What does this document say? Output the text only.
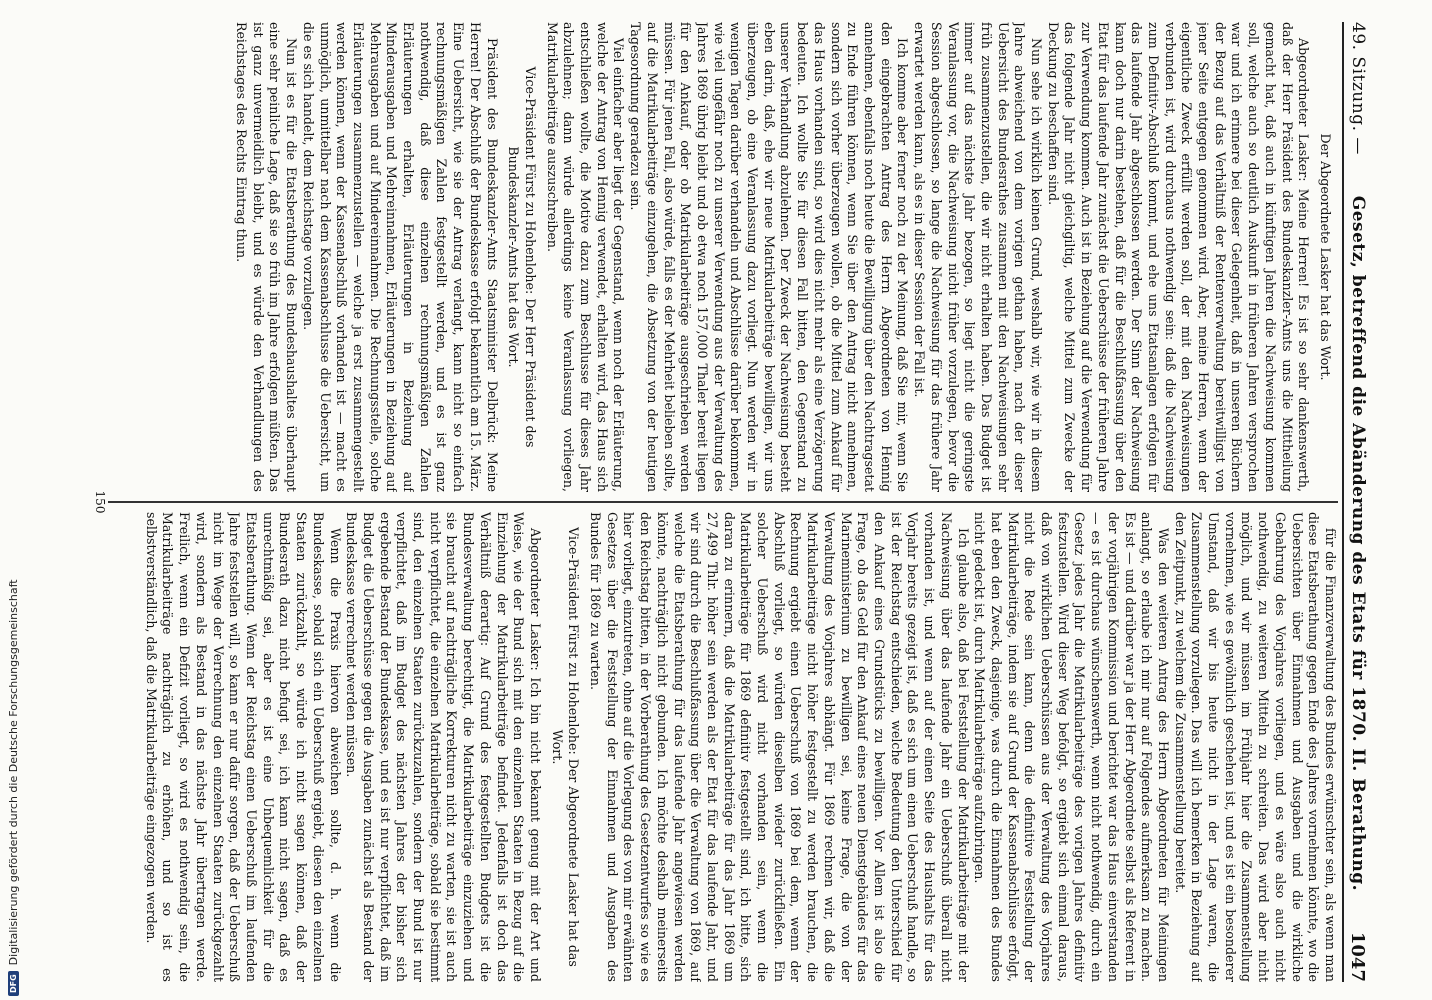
49. Sitzung. —
Gesetz, betreffend die Abänderung des Etats für 1870. II. Berathung.
1047

Der Abgeordnete Lasker hat das Wort.

Abgeordneter Lasker: Meine Herren! Es ist so sehr dankenswerth, daß der Herr Präsident des Bundeskanzler-Amts uns die Mittheilung gemacht hat, daß auch in künftigen Jahren die Nachweisung kommen soll, welche auch so deutlich Auskunft in früheren Jahren versprochen war und ich erinnere bei dieser Gelegenheit, daß in unseren Büchern der Bezug auf das Verhältniß der Rentenverwaltung bereitwilligst von jener Seite entgegen genommen wird. Aber, meine Herren, wenn der eigentliche Zweck erfüllt werden soll, der mit den Nachweisungen verbunden ist, wird durchaus nothwendig sein: daß die Nachweisung zum Definitiv-Abschluß kommt, und ehe uns Etatsanlagen erfolgen für das laufende Jahr abgeschlossen werden. Der Sinn der Nachweisung kann doch nur darin bestehen, daß für die Beschlußfassung über den Etat für das laufende Jahr zunächst die Ueberschüsse der früheren Jahre zur Verwendung kommen. Auch ist in Beziehung auf die Verwendung für das folgende Jahr nicht gleichgiltig, welche Mittel zum Zwecke der Deckung zu beschaffen sind.

Nun sehe ich wirklich keinen Grund, weshalb wir, wie wir in diesem Jahre abweichend von dem vorigen gethan haben, nach der dieser Uebersicht des Bundesrathes zusammen mit den Nachweisungen sehr früh zusammenzustellen, die wir nicht erhalten haben. Das Budget ist immer auf das nächste Jahr bezogen, so liegt nicht die geringste Veranlassung vor, die Nachweisung nicht früher vorzulegen, bevor die Session abgeschlossen, so lange die Nachweisung für das frühere Jahr erwartet werden kann, als es in dieser Session der Fall ist.

Ich komme aber ferner noch zu der Meinung, daß Sie mir, wenn Sie den eingebrachten Antrag des Herrn Abgeordneten von Hennig annehmen, ebenfalls noch heute die Bewilligung über den Nachtragsetat zu Ende führen können, wenn Sie über den Antrag nicht annehmen, sondern sich vorher überzeugen wollen, ob die Mittel zum Ankauf für das Haus vorhanden sind, so wird dies nicht mehr als eine Verzögerung bedeuten. Ich wollte Sie für diesen Fall bitten, den Gegenstand zu unserer Verhandlung abzulehnen. Der Zweck der Nachweisung besteht eben darin, daß, ehe wir neue Matrikularbeiträge bewilligen, wir uns überzeugen, ob eine Veranlassung dazu vorliegt. Nun werden wir in wenigen Tagen darüber verhandeln und Abschlüsse darüber bekommen, wie viel ungefähr noch zu unserer Verwendung aus der Verwaltung des Jahres 1869 übrig bleibt und ob etwa noch 157,000 Thaler bereit liegen für den Ankauf, oder ob Matrikularbeiträge ausgeschrieben werden müssen. Für jenen Fall, also würde, falls es der Mehrheit belieben sollte, auf die Matrikularbeiträge einzugehen, die Absetzung von der heutigen Tagesordnung geradezu sein.

Viel einfacher aber liegt der Gegenstand, wenn noch der Erläuterung, welche der Antrag von Hennig verwendet, erhalten wird, das Haus sich entschließen wollte, die Motive dazu zum Beschlusse für dieses Jahr abzulehnen; dann würde allerdings keine Veranlassung vorliegen, Matrikularbeiträge auszuschreiben.

Vice-Präsident Fürst zu Hohenlohe: Der Herr Präsident des Bundeskanzler-Amts hat das Wort.

Präsident des Bundeskanzler-Amts Staatsminister Delbrück: Meine Herren! Der Abschluß der Bundeskasse erfolgt bekanntlich am 15. März. Eine Uebersicht, wie sie der Antrag verlangt, kann nicht so einfach rechnungsmäßigen Zahlen festgestellt werden, und es ist ganz nothwendig, daß diese einzelnen rechnungsmäßigen Zahlen Erläuterungen erhalten, Erläuterungen in Beziehung auf Minderausgaben und Mehreinnahmen, Erläuterungen in Beziehung auf Mehrausgaben und auf Mindereinnahmen. Die Rechnungsstelle, solche Erläuterungen zusammenzustellen — welche ja erst zusammengestellt werden können, wenn der Kassenabschluß vorhanden ist — macht es unmöglich, unmittelbar nach dem Kassenabschlusse die Uebersicht, um die es sich handelt, dem Reichstage vorzulegen.

Nun ist es für die Etatsberathung des Bundeshaushaltes überhaupt eine sehr peinliche Lage, daß sie so früh im Jahre erfolgen müßten. Das ist ganz unvermeidlich bleibt, und es würde den Verhandlungen des Reichstages des Rechts Eintrag thun.

für die Finanzverwaltung des Bundes erwünschter sein, als wenn man diese Etatsberathung gegen Ende des Jahres vornehmen könnte, wo die Uebersichten über Einnahmen und Ausgaben und die wirkliche Gebahrung des Vorjahres vorliegen, und es wäre also auch nicht nothwendig, zu weiteren Mitteln zu schreiten. Das wird aber nicht möglich, und wir müssen im Frühjahr hier die Zusammenstellung vornehmen, wie es gewöhnlich geschehen ist, und es ist ein besonderer Umstand, daß wir bis heute nicht in der Lage waren, die Zusammenstellung vorzulegen. Das will ich bemerken in Beziehung auf den Zeitpunkt, zu welchem die Zusammenstellung bereitet.

Was den weiteren Antrag des Herrn Abgeordneten für Meiningen anlangt, so erlaube ich mir nur auf Folgendes aufmerksam zu machen. Es ist — und darüber war ja der Herr Abgeordnete selbst als Referent in der vorjährigen Kommission und berichtet war das Haus einverstanden — es ist durchaus wünschenswerth, wenn nicht nothwendig, durch ein Gesetz jedes Jahr die Matrikularbeiträge des vorigen Jahres definitiv festzustellen. Wird dieser Weg befolgt, so ergiebt sich einmal daraus, daß von wirklichen Ueberschüssen aus der Verwaltung des Vorjahres nicht die Rede sein kann, denn die definitive Feststellung der Matrikularbeiträge, indem sie auf Grund der Kassenabschlüsse erfolgt, hat eben den Zweck, dasjenige, was durch die Einnahmen des Bundes nicht gedeckt ist, durch Matrikularbeiträge aufzubringen.

Ich glaube also, daß bei Feststellung der Matrikularbeiträge mit der Nachweisung über das laufende Jahr ein Ueberschuß überall nicht vorhanden ist, und wenn auf der einen Seite des Haushalts für das Vorjahr bereits gezeigt ist, daß es sich um einen Ueberschuß handle, so ist der Reichstag entschieden, welche Bedeutung den Unterschied für den Ankauf eines Grundstücks zu bewilligen. Vor Allem ist also die Frage, ob das Geld für den Ankauf eines neuen Dienstgebäudes für das Marineministerium zu bewilligen sei, keine Frage, die von der Verwaltung des Vorjahres abhängt. Für 1869 rechnen wir, daß die Matrikularbeiträge nicht höher festgestellt zu werden brauchen, die Rechnung ergiebt einen Ueberschuß von 1869 bei dem, wenn der Abschluß vorliegt, so würden dieselben wieder zurückfließen. Ein solcher Ueberschuß wird nicht vorhanden sein, wenn die Matrikularbeiträge für 1869 definitiv festgestellt sind, ich bitte, sich daran zu erinnern, daß die Matrikularbeiträge für das Jahr 1869 um 27,499 Thlr. höher sein werden als der Etat für das laufende Jahr, und wir sind durch die Beschlußfassung über die Verwaltung von 1869, auf welche die Etatsberathung für das laufende Jahr angewiesen werden könnte, nachträglich nicht gebunden. Ich möchte deshalb meinerseits den Reichstag bitten, in der Vorberathung des Gesetzentwurfes so wie es hier vorliegt, einzutreten, ohne auf die Vorlegung des von mir erwähnten Gesetzes über die Feststellung der Einnahmen und Ausgaben des Bundes für 1869 zu warten.

Vice-Präsident Fürst zu Hohenlohe: Der Abgeordnete Lasker hat das Wort.

Abgeordneter Lasker: Ich bin nicht bekannt genug mit der Art und Weise, wie der Bund sich mit den einzelnen Staaten in Bezug auf die Einziehung der Matrikularbeiträge befindet. Jedenfalls ist doch das Verhältniß derartig: Auf Grund des festgestellten Budgets ist die Bundesverwaltung berechtigt, die Matrikularbeiträge einzuziehen und sie braucht auf nachträgliche Korrekturen nicht zu warten, sie ist auch nicht verpflichtet, die einzelnen Matrikularbeiträge, sobald sie bestimmt sind, den einzelnen Staaten zurückzuzahlen, sondern der Bund ist nur verpflichtet, daß im Budget des nächsten Jahres der bisher sich ergebende Bestand der Bundeskasse, und es ist nur verpflichtet, daß im Budget die Ueberschüsse gegen die Ausgaben zunächst als Bestand der Bundeskasse verrechnet werden müssen.

Wenn die Praxis hiervon abweichen sollte, d. h. wenn die Bundeskasse, sobald sich ein Ueberschuß ergiebt, diesen den einzelnen Staaten zurückzahlt, so würde ich nicht sagen können, daß der Bundesrath dazu nicht befugt sei, ich kann nicht sagen, daß es unrechtmäßig sei, aber es ist eine Unbequemlichkeit für die Etatsberathung. Wenn der Reichstag einen Ueberschuß im laufenden Jahre feststellen will, so kann er nur dafür sorgen, daß der Ueberschuß nicht im Wege der Verrechnung den einzelnen Staaten zurückgezahlt wird, sondern als Bestand in das nächste Jahr übertragen werde. Freilich, wenn ein Defizit vorliegt, so wird es nothwendig sein, die Matrikularbeiträge nachträglich zu erhöhen, und so ist es selbstverständlich, daß die Matrikularbeiträge eingezogen werden.

150
DFG
Digitalisierung gefördert durch die Deutsche Forschungsgemeinschaft
